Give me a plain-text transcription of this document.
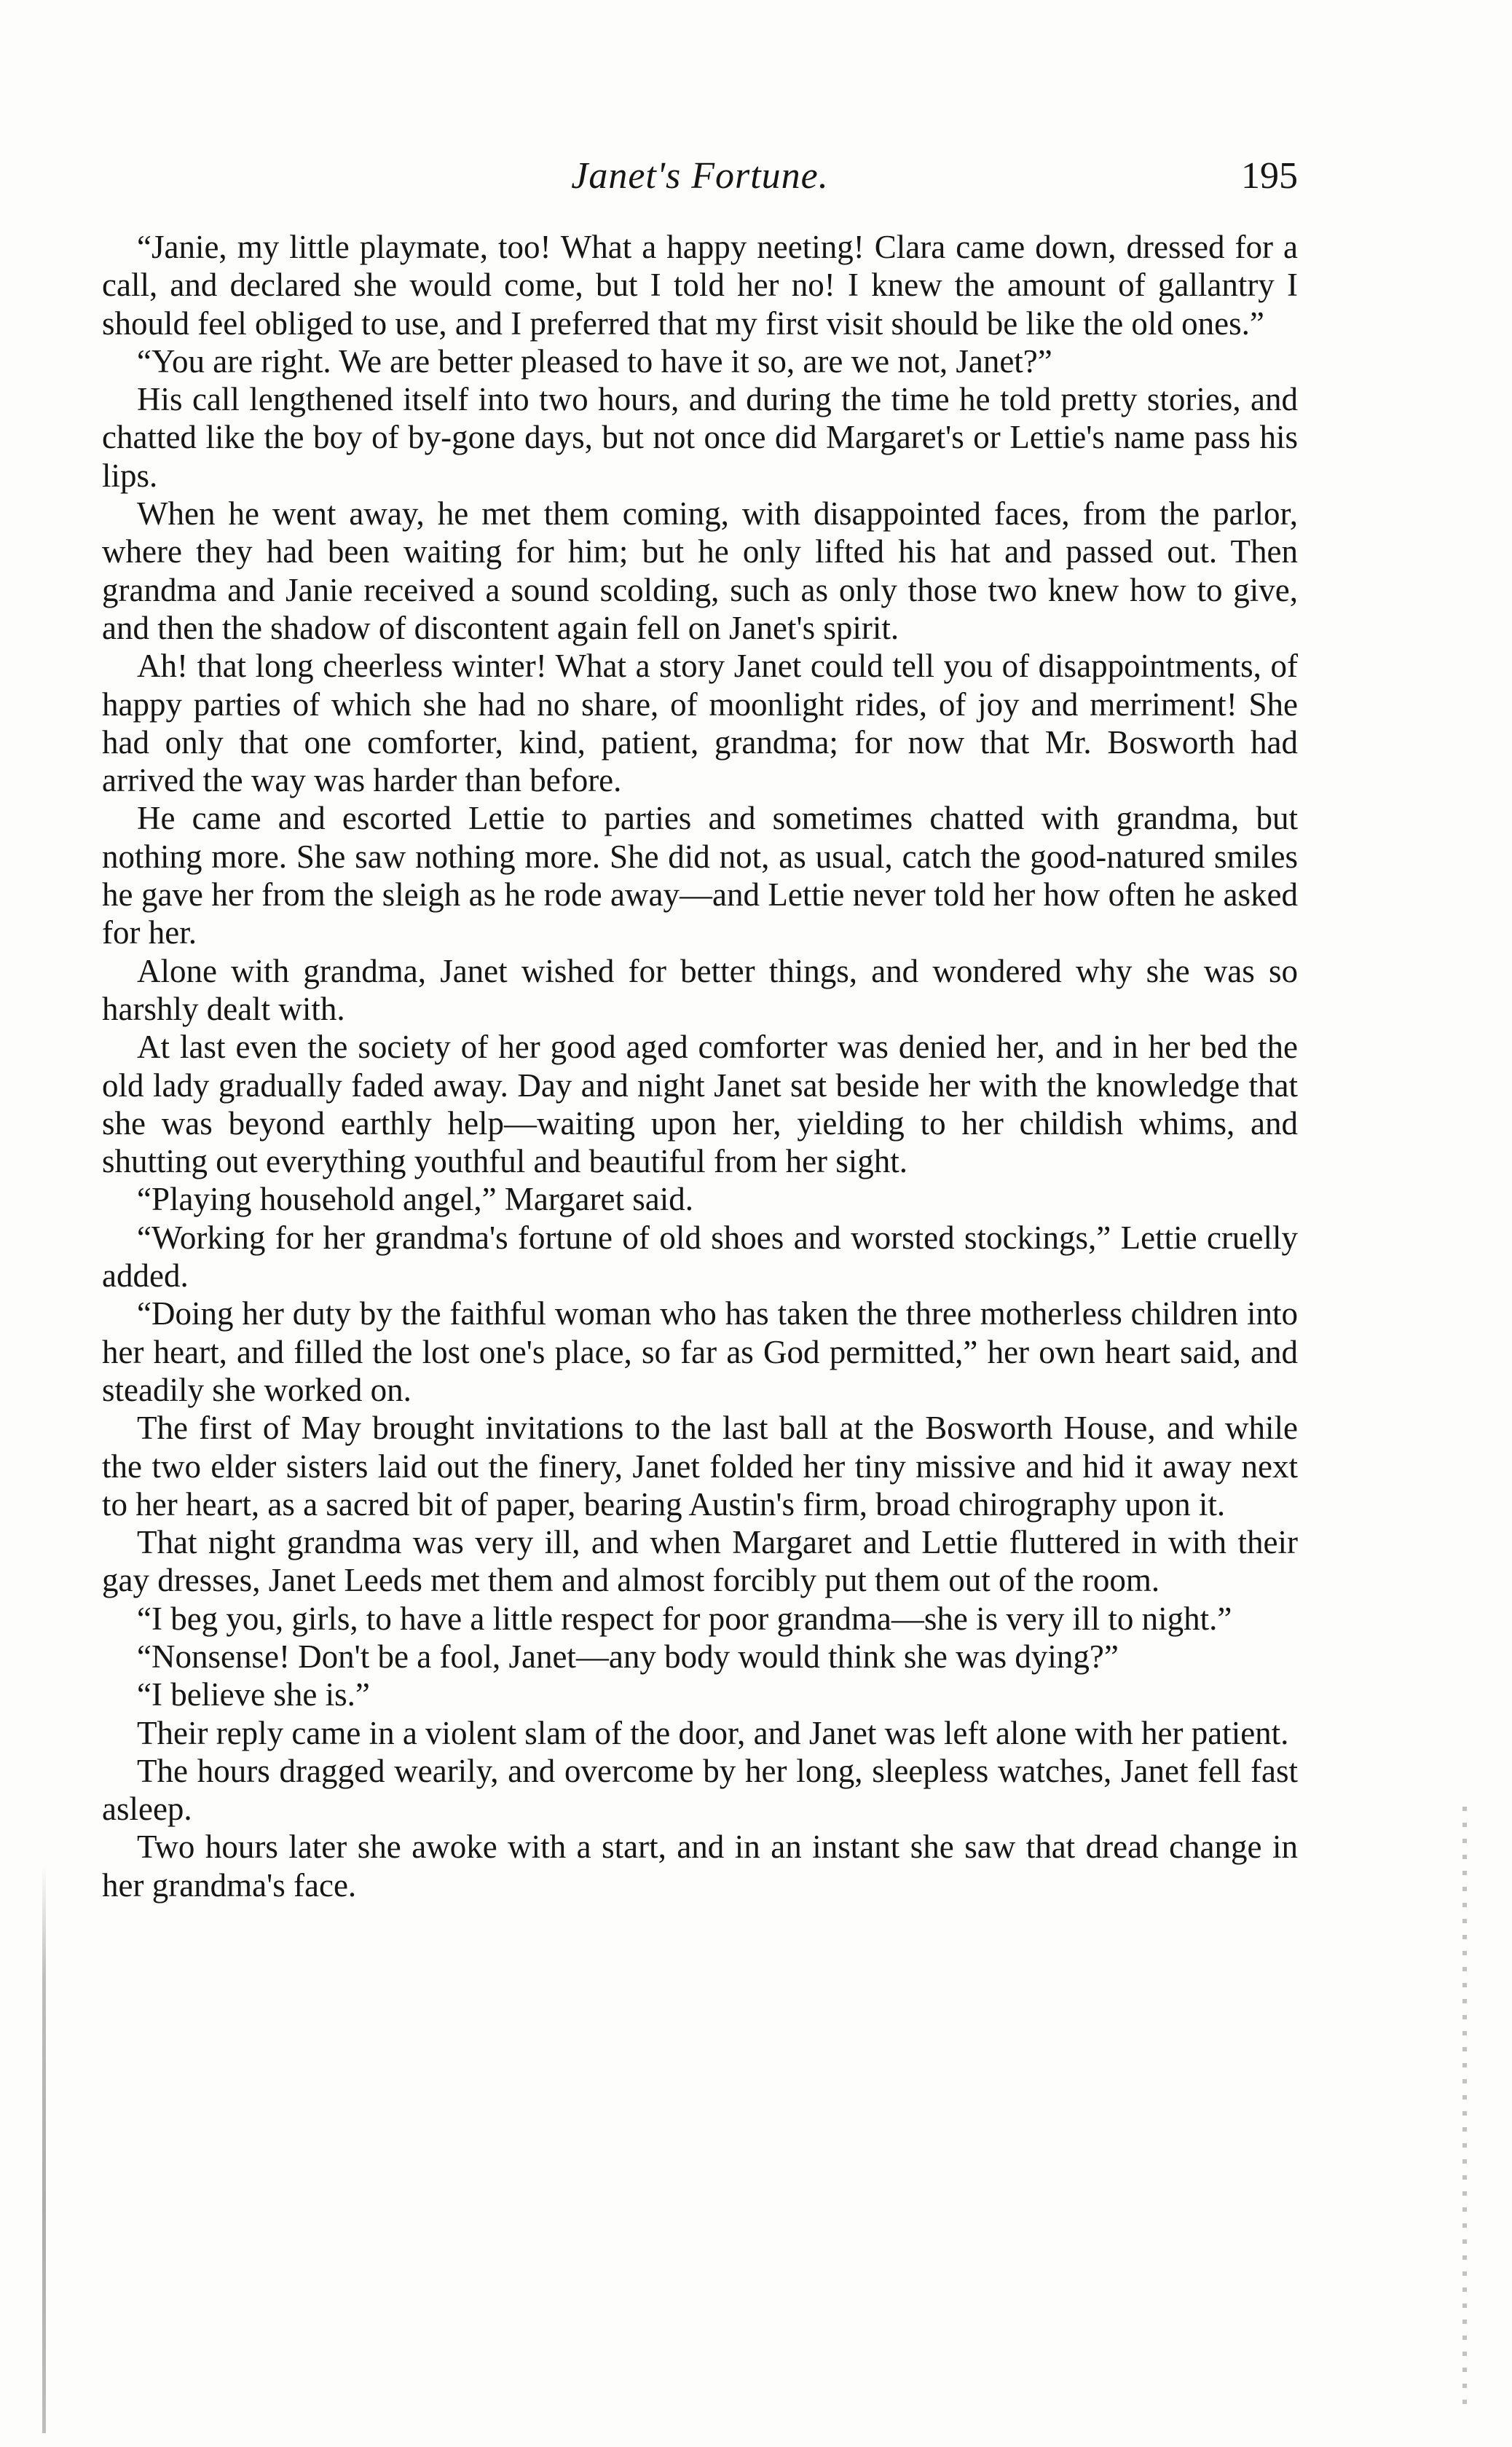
Janet's Fortune.	195

“Janie, my little playmate, too! What a happy neeting! Clara came down, dressed for a call, and declared she would come, but I told her no! I knew the amount of gallantry I should feel obliged to use, and I preferred that my first visit should be like the old ones.”

“You are right. We are better pleased to have it so, are we not, Janet?”

His call lengthened itself into two hours, and during the time he told pretty stories, and chatted like the boy of by-gone days, but not once did Margaret's or Lettie's name pass his lips.

When he went away, he met them coming, with disappointed faces, from the parlor, where they had been waiting for him; but he only lifted his hat and passed out. Then grandma and Janie received a sound scolding, such as only those two knew how to give, and then the shadow of discontent again fell on Janet's spirit.

Ah! that long cheerless winter! What a story Janet could tell you of disappointments, of happy parties of which she had no share, of moonlight rides, of joy and merriment! She had only that one comforter, kind, patient, grandma; for now that Mr. Bosworth had arrived the way was harder than before.

He came and escorted Lettie to parties and sometimes chatted with grandma, but nothing more. She saw nothing more. She did not, as usual, catch the good-natured smiles he gave her from the sleigh as he rode away—and Lettie never told her how often he asked for her.

Alone with grandma, Janet wished for better things, and wondered why she was so harshly dealt with.

At last even the society of her good aged comforter was denied her, and in her bed the old lady gradually faded away. Day and night Janet sat beside her with the knowledge that she was beyond earthly help—waiting upon her, yielding to her childish whims, and shutting out everything youthful and beautiful from her sight.

“Playing household angel,” Margaret said.

“Working for her grandma's fortune of old shoes and worsted stockings,” Lettie cruelly added.

“Doing her duty by the faithful woman who has taken the three motherless children into her heart, and filled the lost one's place, so far as God permitted,” her own heart said, and steadily she worked on.

The first of May brought invitations to the last ball at the Bosworth House, and while the two elder sisters laid out the finery, Janet folded her tiny missive and hid it away next to her heart, as a sacred bit of paper, bearing Austin's firm, broad chirography upon it.

That night grandma was very ill, and when Margaret and Lettie fluttered in with their gay dresses, Janet Leeds met them and almost forcibly put them out of the room.

“I beg you, girls, to have a little respect for poor grandma—she is very ill to night.”

“Nonsense! Don't be a fool, Janet—any body would think she was dying?”

“I believe she is.”

Their reply came in a violent slam of the door, and Janet was left alone with her patient.

The hours dragged wearily, and overcome by her long, sleepless watches, Janet fell fast asleep.

Two hours later she awoke with a start, and in an instant she saw that dread change in her grandma's face.
